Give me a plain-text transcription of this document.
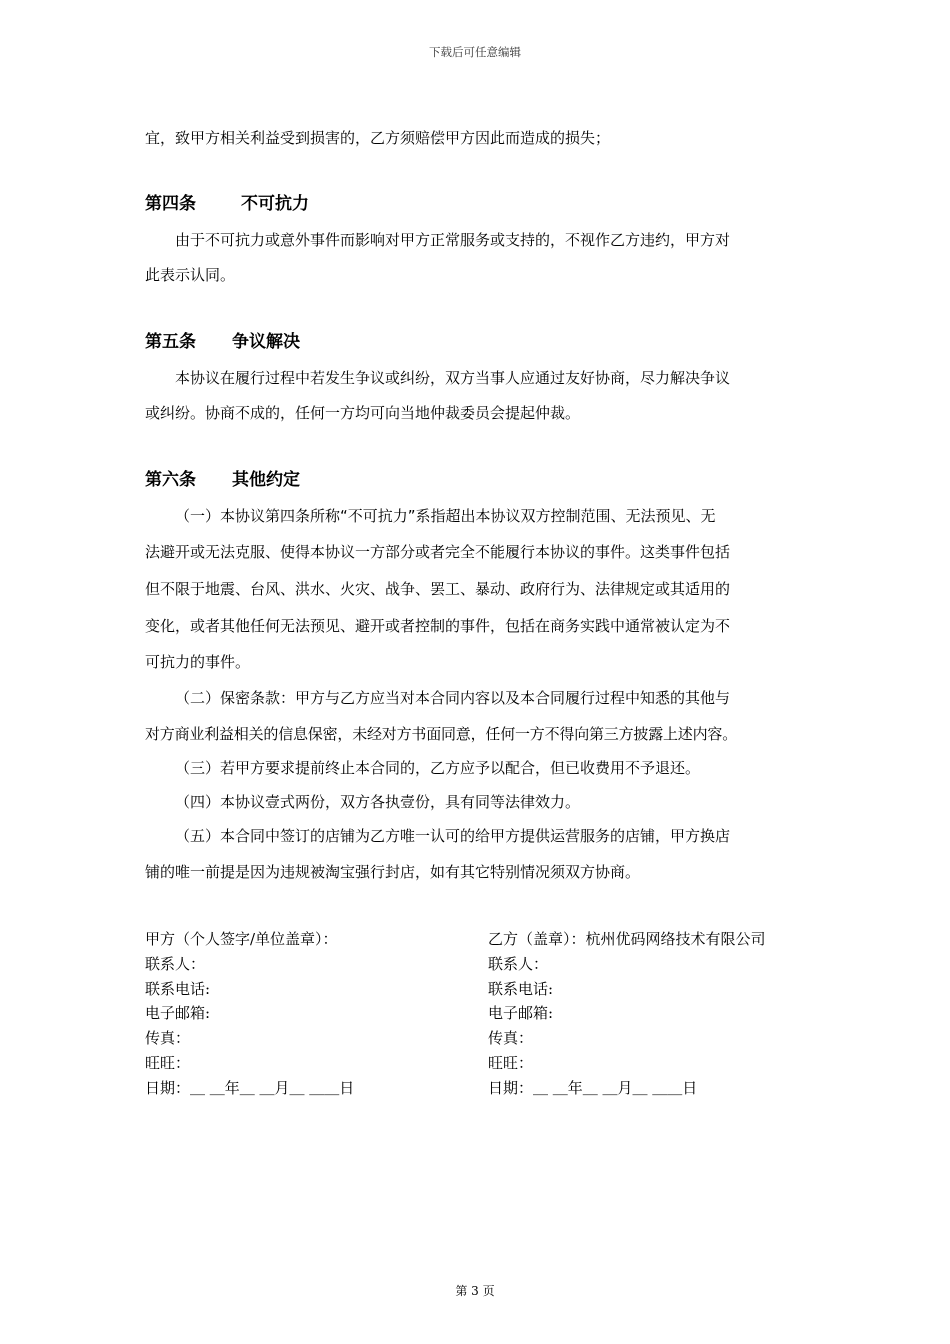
下载后可任意编辑
宜，致甲方相关利益受到损害的，乙方须赔偿甲方因此而造成的损失；
第四条	不可抗力
由于不可抗力或意外事件而影响对甲方正常服务或支持的，不视作乙方违约，甲方对
此表示认同。
第五条 争议解决
本协议在履行过程中若发生争议或纠纷，双方当事人应通过友好协商，尽力解决争议
或纠纷。协商不成的，任何一方均可向当地仲裁委员会提起仲裁。
第六条 其他约定
（一）本协议第四条所称“不可抗力”系指超出本协议双方控制范围、无法预见、无
法避开或无法克服、使得本协议一方部分或者完全不能履行本协议的事件。这类事件包括
但不限于地震、台风、洪水、火灾、战争、罢工、暴动、政府行为、法律规定或其适用的
变化，或者其他任何无法预见、避开或者控制的事件，包括在商务实践中通常被认定为不
可抗力的事件。
（二）保密条款：甲方与乙方应当对本合同内容以及本合同履行过程中知悉的其他与
对方商业利益相关的信息保密，未经对方书面同意，任何一方不得向第三方披露上述内容。
（三）若甲方要求提前终止本合同的，乙方应予以配合，但已收费用不予退还。
（四）本协议壹式两份，双方各执壹份，具有同等法律效力。
（五）本合同中签订的店铺为乙方唯一认可的给甲方提供运营服务的店铺，甲方换店
铺的唯一前提是因为违规被淘宝强行封店，如有其它特别情况须双方协商。
甲方（个人签字/单位盖章）：
联系人：
联系电话:
电子邮箱:
传真：
旺旺：
日期：＿ ＿年＿ ＿月＿ ＿＿日
乙方（盖章）：杭州优码网络技术有限公司
联系人：
联系电话:
电子邮箱:
传真：
旺旺：
日期：＿ ＿年＿ ＿月＿ ＿＿日
第 3 页
